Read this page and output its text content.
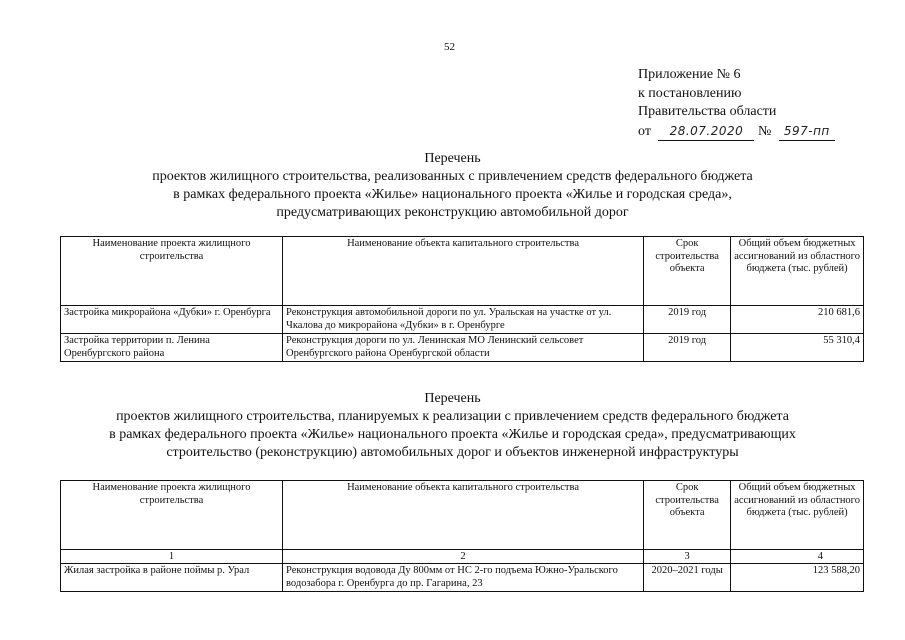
52
Приложение № 6
к постановлению
Правительства области
от 28.07.2020 № 597-пп
Перечень
проектов жилищного строительства, реализованных с привлечением средств федерального бюджета
в рамках федерального проекта «Жилье» национального проекта «Жилье и городская среда»,
предусматривающих реконструкцию автомобильной дорог
Наименование проекта жилищного строительства	Наименование объекта капитального строительства	Срок строительства объекта	Общий объем бюджетных ассигнований из областного бюджета (тыс. рублей)
Застройка микрорайона «Дубки» г. Оренбурга	Реконструкция автомобильной дороги по ул. Уральская на участке от ул. Чкалова до микрорайона «Дубки» в г. Оренбурге	2019 год	210 681,6
Застройка территории п. Ленина Оренбургского района	Реконструкция дороги по ул. Ленинская МО Ленинский сельсовет Оренбургского района Оренбургской области	2019 год	55 310,4
Перечень
проектов жилищного строительства, планируемых к реализации с привлечением средств федерального бюджета
в рамках федерального проекта «Жилье» национального проекта «Жилье и городская среда», предусматривающих
строительство (реконструкцию) автомобильных дорог и объектов инженерной инфраструктуры
Наименование проекта жилищного строительства	Наименование объекта капитального строительства	Срок строительства объекта	Общий объем бюджетных ассигнований из областного бюджета (тыс. рублей)
1	2	3	4
Жилая застройка в районе поймы р. Урал	Реконструкция водовода Ду 800мм от НС 2-го подъема Южно-Уральского водозабора г. Оренбурга до пр. Гагарина, 23	2020–2021 годы	123 588,20
